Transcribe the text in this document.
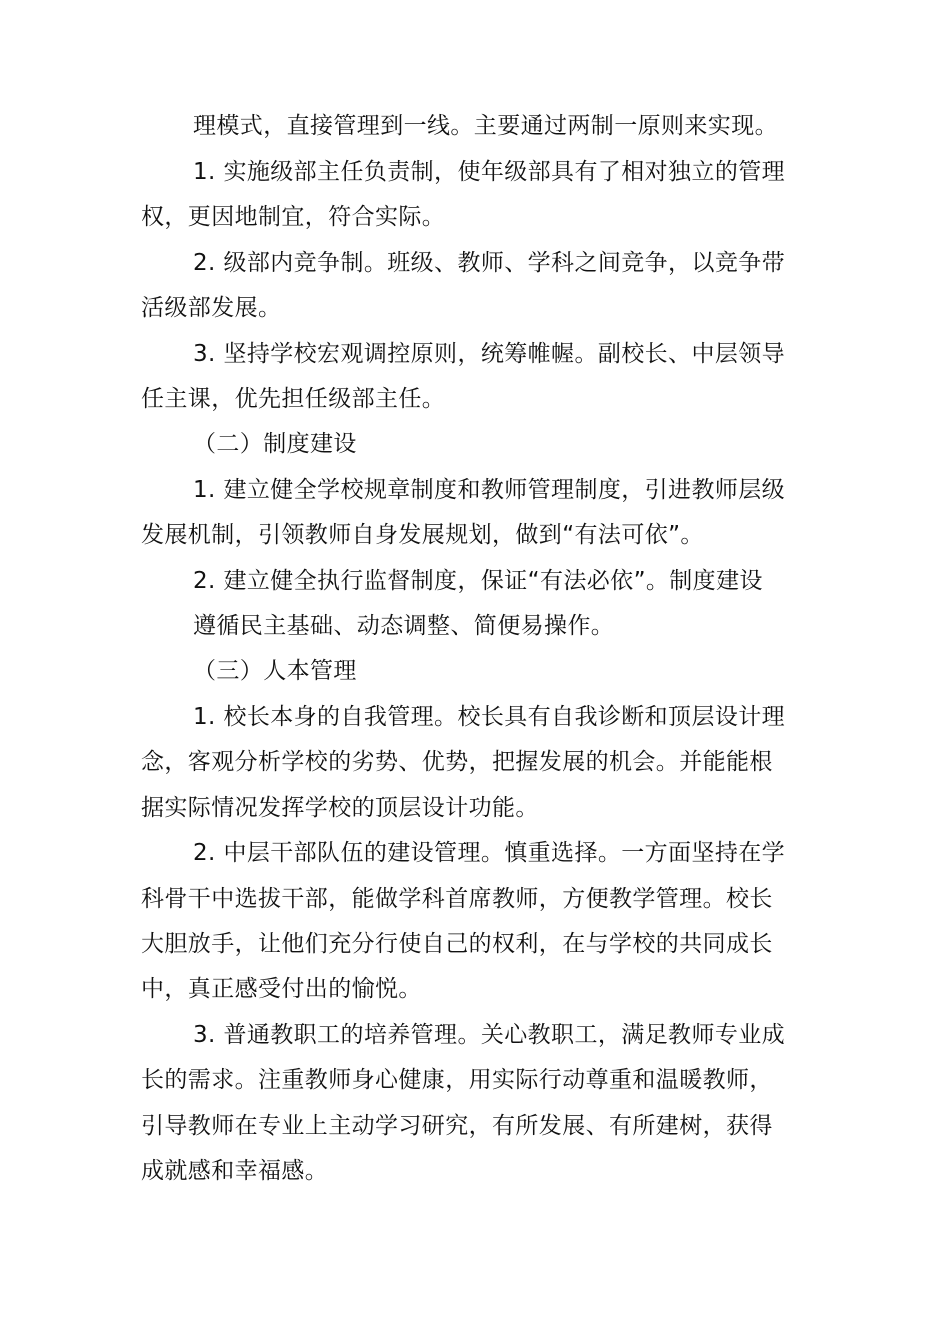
理模式，直接管理到一线。主要通过两制一原则来实现。
1. 实施级部主任负责制，使年级部具有了相对独立的管理
权，更因地制宜，符合实际。
2. 级部内竞争制。班级、教师、学科之间竞争，以竞争带
活级部发展。
3. 坚持学校宏观调控原则，统筹帷幄。副校长、中层领导
任主课，优先担任级部主任。
（二）制度建设
1. 建立健全学校规章制度和教师管理制度，引进教师层级
发展机制，引领教师自身发展规划，做到“有法可依”。
2. 建立健全执行监督制度，保证“有法必依”。制度建设
遵循民主基础、动态调整、简便易操作。
（三）人本管理
1. 校长本身的自我管理。校长具有自我诊断和顶层设计理
念，客观分析学校的劣势、优势，把握发展的机会。并能能根
据实际情况发挥学校的顶层设计功能。
2. 中层干部队伍的建设管理。慎重选择。一方面坚持在学
科骨干中选拔干部，能做学科首席教师，方便教学管理。校长
大胆放手，让他们充分行使自己的权利，在与学校的共同成长
中，真正感受付出的愉悦。
3. 普通教职工的培养管理。关心教职工，满足教师专业成
长的需求。注重教师身心健康，用实际行动尊重和温暖教师，
引导教师在专业上主动学习研究，有所发展、有所建树，获得
成就感和幸福感。
